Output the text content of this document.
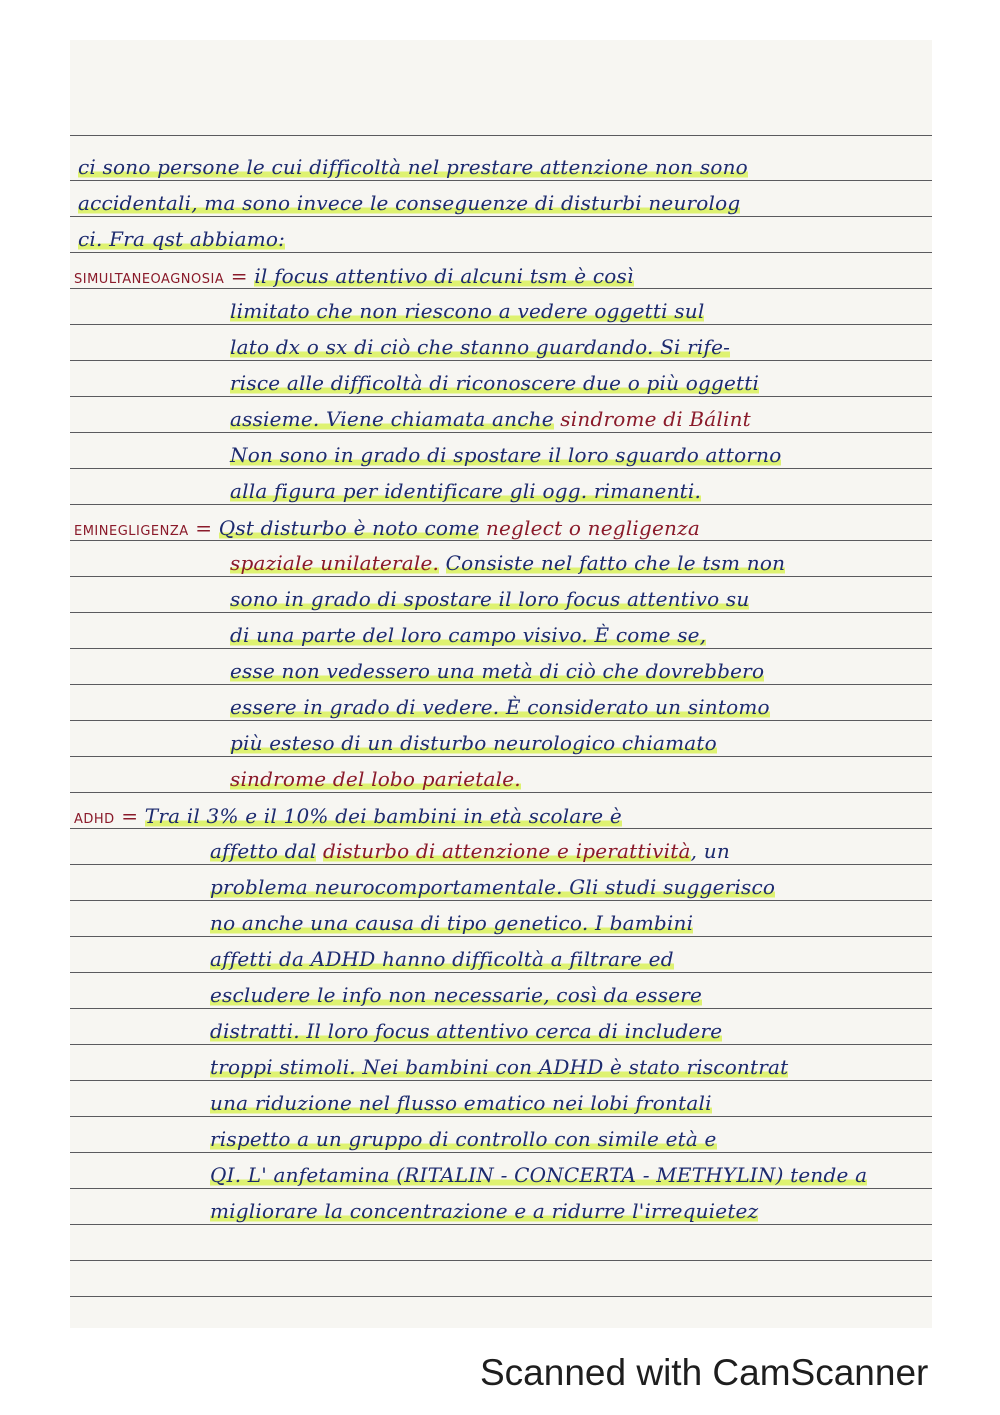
ci sono persone le cui difficoltà nel prestare attenzione non sono
accidentali, ma sono invece le conseguenze di disturbi neurolog
ci. Fra qst abbiamo:
SIMULTANEOAGNOSIA = il focus attentivo di alcuni tsm è così
limitato che non riescono a vedere oggetti sul
lato dx o sx di ciò che stanno guardando. Si rife-
risce alle difficoltà di riconoscere due o più oggetti
assieme. Viene chiamata anche sindrome di Bálint
Non sono in grado di spostare il loro sguardo attorno
alla figura per identificare gli ogg. rimanenti.
EMINEGLIGENZA = Qst disturbo è noto come neglect o negligenza
spaziale unilaterale. Consiste nel fatto che le tsm non
sono in grado di spostare il loro focus attentivo su
di una parte del loro campo visivo. È come se,
esse non vedessero una metà di ciò che dovrebbero
essere in grado di vedere. È considerato un sintomo
più esteso di un disturbo neurologico chiamato
sindrome del lobo parietale.
ADHD = Tra il 3% e il 10% dei bambini in età scolare è
affetto dal disturbo di attenzione e iperattività, un
problema neurocomportamentale. Gli studi suggerisco
no anche una causa di tipo genetico. I bambini
affetti da ADHD hanno difficoltà a filtrare ed
escludere le info non necessarie, così da essere
distratti. Il loro focus attentivo cerca di includere
troppi stimoli. Nei bambini con ADHD è stato riscontrat
una riduzione nel flusso ematico nei lobi frontali
rispetto a un gruppo di controllo con simile età e
QI. L' anfetamina (RITALIN - CONCERTA - METHYLIN) tende a
migliorare la concentrazione e a ridurre l'irrequietez
Scanned with CamScanner
